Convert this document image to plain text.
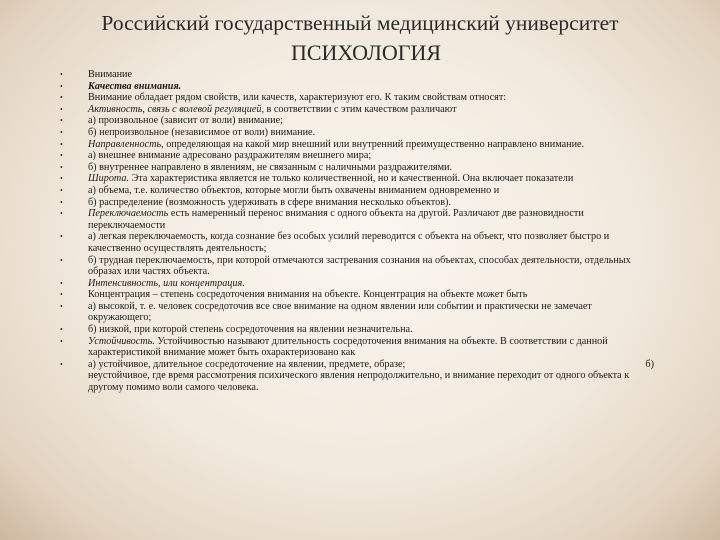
Российский государственный медицинский университет
ПСИХОЛОГИЯ
• Внимание
• Качества внимания.
• Внимание обладает рядом свойств, или качеств, характеризуют его. К таким свойствам относят:
• Активность, связь с волевой регуляцией, в соответствии с этим качеством различают
• а) произвольное (зависит от воли) внимание;
• б) непроизвольное (независимое от воли) внимание.
• Направленность, определяющая на какой мир внешний или внутренний преимущественно направлено внимание.
• а) внешнее внимание адресовано раздражителям внешнего мира;
• б) внутреннее направлено в явлениям, не связанным с наличными раздражителями.
• Широта. Эта характеристика является не только количественной, но и качественной. Она включает показатели
• а) объема, т.е. количество объектов, которые могли быть охвачены вниманием одновременно и
• б) распределение (возможность удерживать в сфере внимания несколько объектов).
• Переключаемость есть намеренный перенос внимания с одного объекта на другой. Различают две разновидности переключаемости
• а) легкая переключаемость, когда сознание без особых усилий переводится с объекта на объект, что позволяет быстро и качественно осуществлять деятельность;
• б) трудная переключаемость, при которой отмечаются застревания сознания на объектах, способах деятельности, отдельных образах или частях объекта.
• Интенсивность, или концентрация.
• Концентрация – степень сосредоточения внимания на объекте. Концентрация на объекте может быть
• а) высокой, т. е. человек сосредоточив все свое внимание на одном явлении или событии и практически не замечает окружающего;
• б) низкой, при которой степень сосредоточения на явлении незначительна.
• Устойчивость. Устойчивостью называют длительность сосредоточения внимания на объекте. В соответствии с данной характеристикой внимание может быть охарактеризовано как
• а) устойчивое, длительное сосредоточение на явлении, предмете, образе;	б)
неустойчивое, где время рассмотрения психического явления непродолжительно, и внимание переходит от одного объекта к другому помимо воли самого человека.
